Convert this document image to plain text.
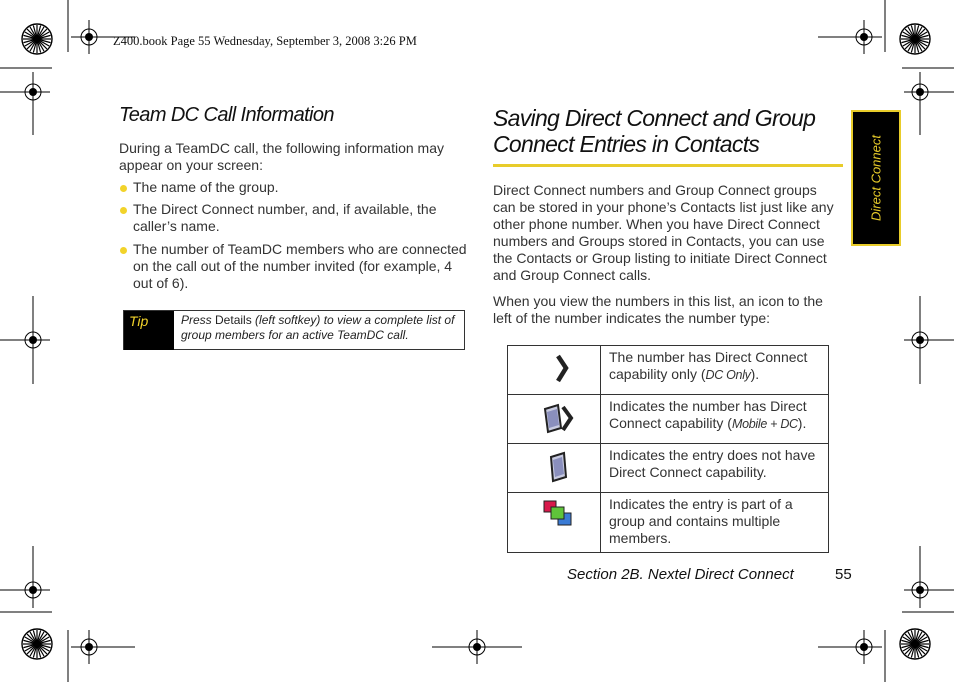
Z400.book Page 55 Wednesday, September 3, 2008 3:26 PM
Team DC Call Information
During a TeamDC call, the following information may appear on your screen:
The name of the group.
The Direct Connect number, and, if available, the caller’s name.
The number of TeamDC members who are connected on the call out of the number invited (for example, 4 out of 6).
Tip	Press Details (left softkey) to view a complete list of group members for an active TeamDC call.
Saving Direct Connect and Group Connect Entries in Contacts
Direct Connect numbers and Group Connect groups can be stored in your phone’s Contacts list just like any other phone number. When you have Direct Connect numbers and Groups stored in Contacts, you can use the Contacts or Group listing to initiate Direct Connect and Group Connect calls.
When you view the numbers in this list, an icon to the left of the number indicates the number type:
	The number has Direct Connect capability only (DC Only).
	Indicates the number has Direct Connect capability (Mobile + DC).
	Indicates the entry does not have Direct Connect capability.
	Indicates the entry is part of a group and contains multiple members.
Direct Connect
Section 2B. Nextel Direct Connect	55
